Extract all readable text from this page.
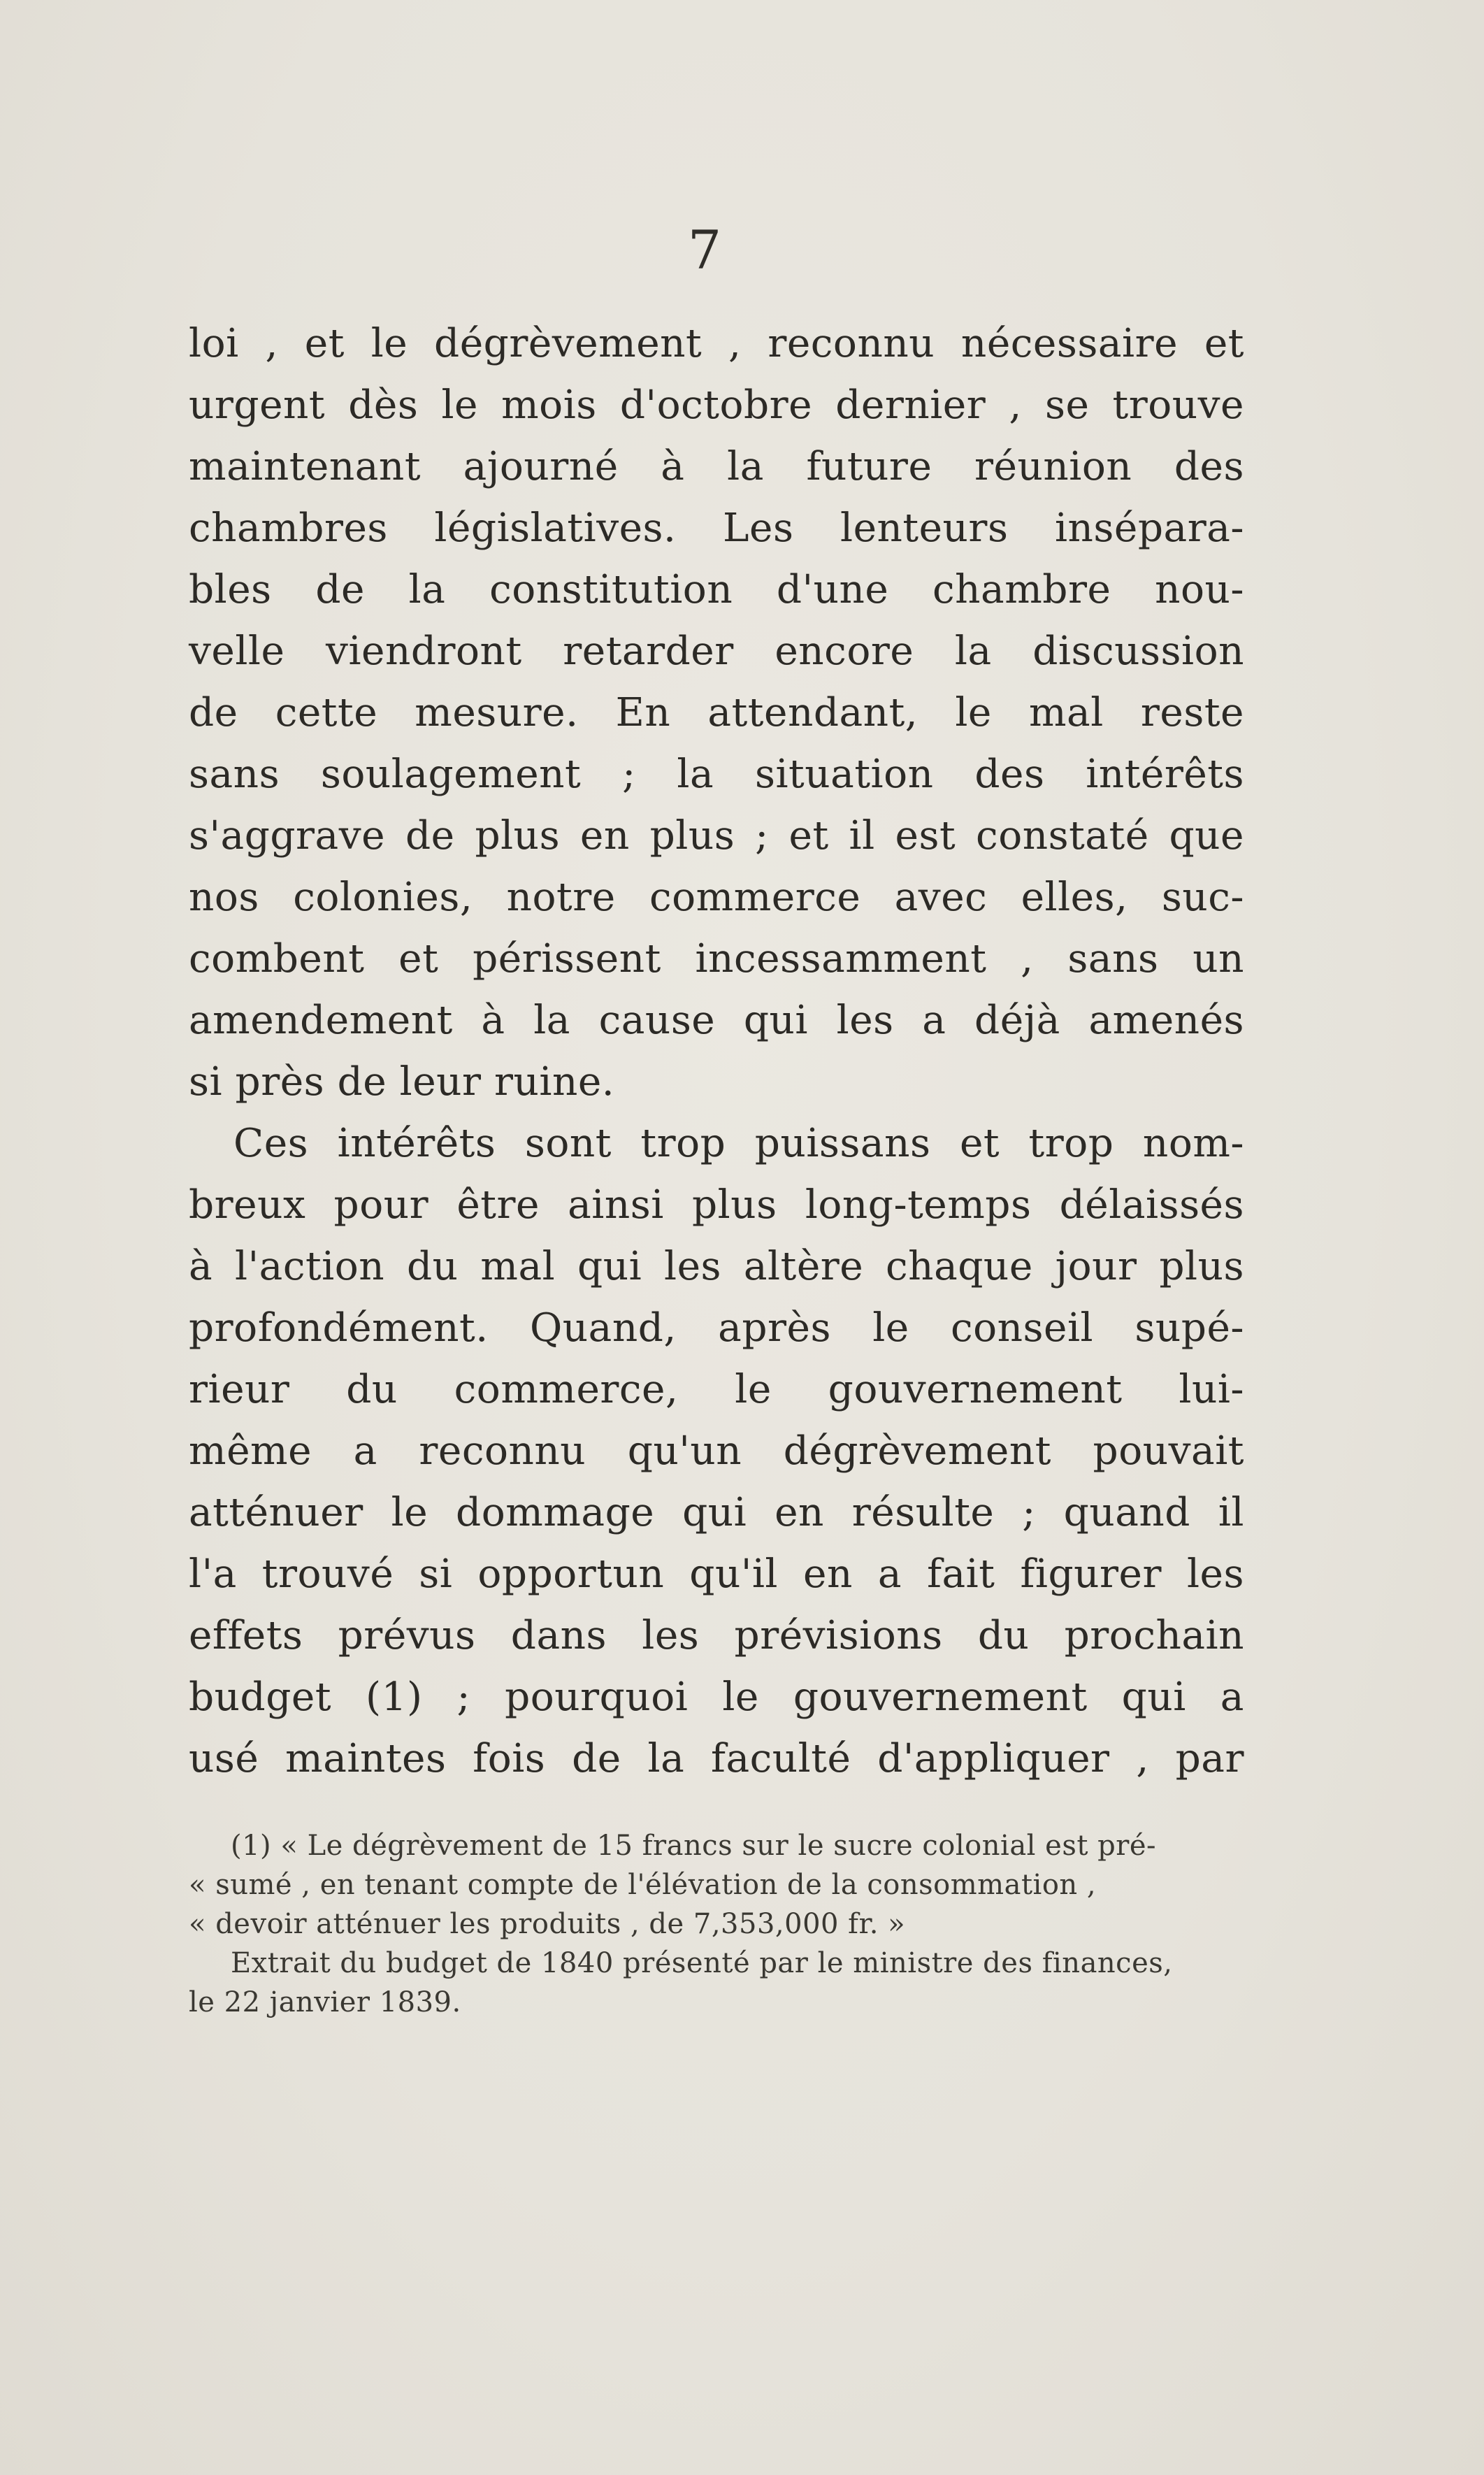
7
loi , et le dégrèvement , reconnu nécessaire et
urgent dès le mois d'octobre dernier , se trouve
maintenant ajourné à la future réunion des
chambres législatives. Les lenteurs insépara-
bles de la constitution d'une chambre nou-
velle viendront retarder encore la discussion
de cette mesure. En attendant, le mal reste
sans soulagement ; la situation des intérêts
s'aggrave de plus en plus ; et il est constaté que
nos colonies, notre commerce avec elles, suc-
combent et périssent incessamment , sans un
amendement à la cause qui les a déjà amenés
si près de leur ruine.
Ces intérêts sont trop puissans et trop nom-
breux pour être ainsi plus long-temps délaissés
à l'action du mal qui les altère chaque jour plus
profondément. Quand, après le conseil supé-
rieur du commerce, le gouvernement lui-
même a reconnu qu'un dégrèvement pouvait
atténuer le dommage qui en résulte ; quand il
l'a trouvé si opportun qu'il en a fait figurer les
effets prévus dans les prévisions du prochain
budget (1) ; pourquoi le gouvernement qui a
usé maintes fois de la faculté d'appliquer , par
(1) « Le dégrèvement de 15 francs sur le sucre colonial est pré-
« sumé , en tenant compte de l'élévation de la consommation ,
« devoir atténuer les produits , de 7,353,000 fr. »
Extrait du budget de 1840 présenté par le ministre des finances,
le 22 janvier 1839.
